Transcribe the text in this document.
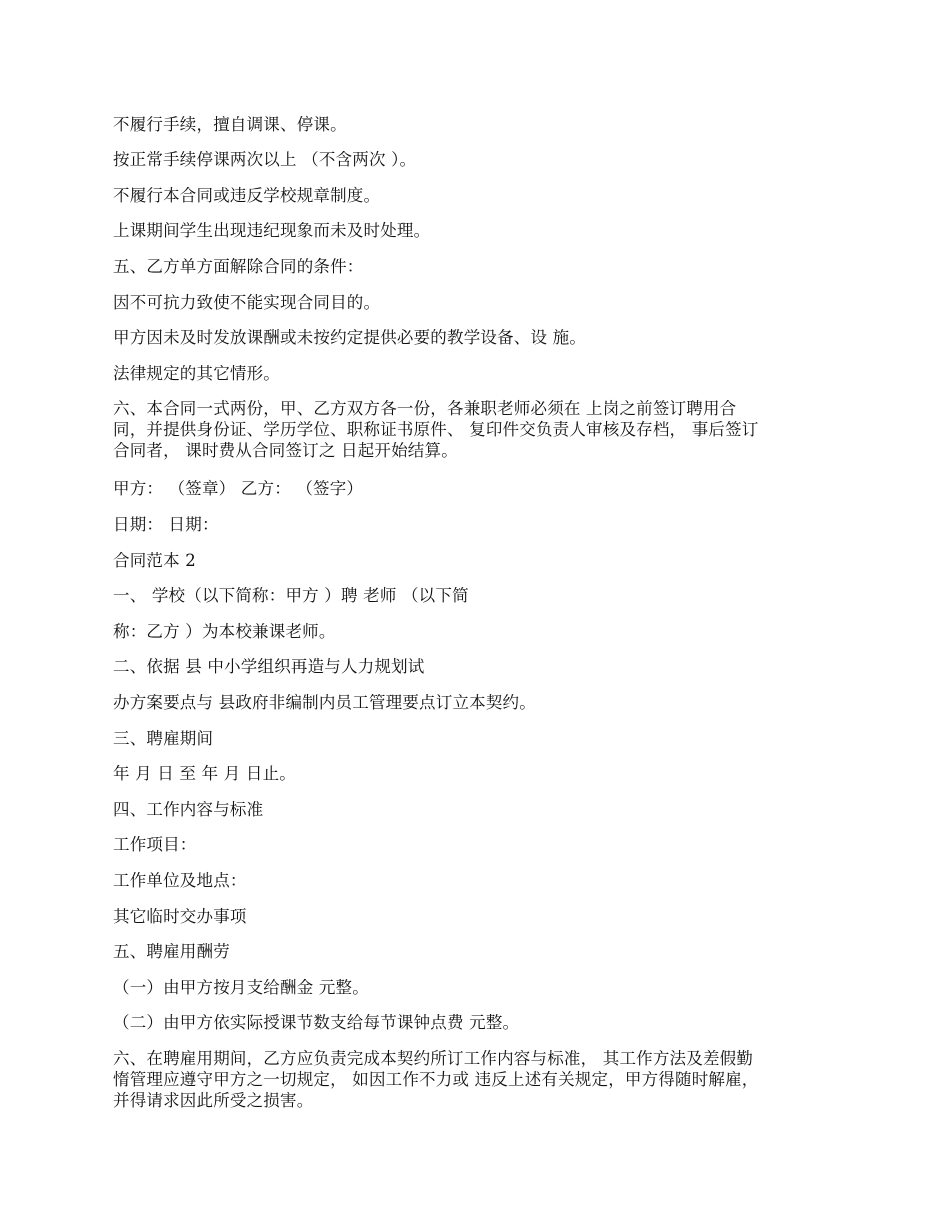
不履行手续，擅自调课、停课。

按正常手续停课两次以上 （不含两次 ）。

不履行本合同或违反学校规章制度。

上课期间学生出现违纪现象而未及时处理。

五、乙方单方面解除合同的条件：

因不可抗力致使不能实现合同目的。

甲方因未及时发放课酬或未按约定提供必要的教学设备、设 施。

法律规定的其它情形。

六、本合同一式两份，甲、乙方双方各一份，各兼职老师必须在 上岗之前签订聘用合
同，并提供身份证、学历学位、职称证书原件、 复印件交负责人审核及存档， 事后签订
合同者， 课时费从合同签订之 日起开始结算。

甲方： （签章） 乙方： （签字）

日期： 日期：

合同范本 2

一、 学校（以下简称：甲方 ）聘 老师 （以下简

称：乙方 ）为本校兼课老师。

二、依据 县 中小学组织再造与人力规划试

办方案要点与 县政府非编制内员工管理要点订立本契约。

三、聘雇期间

年 月 日 至 年 月 日止。

四、工作内容与标准

工作项目：

工作单位及地点：

其它临时交办事项

五、聘雇用酬劳

（一）由甲方按月支给酬金 元整。

（二）由甲方依实际授课节数支给每节课钟点费 元整。

六、在聘雇用期间，乙方应负责完成本契约所订工作内容与标准， 其工作方法及差假勤
惰管理应遵守甲方之一切规定， 如因工作不力或 违反上述有关规定，甲方得随时解雇，
并得请求因此所受之损害。
